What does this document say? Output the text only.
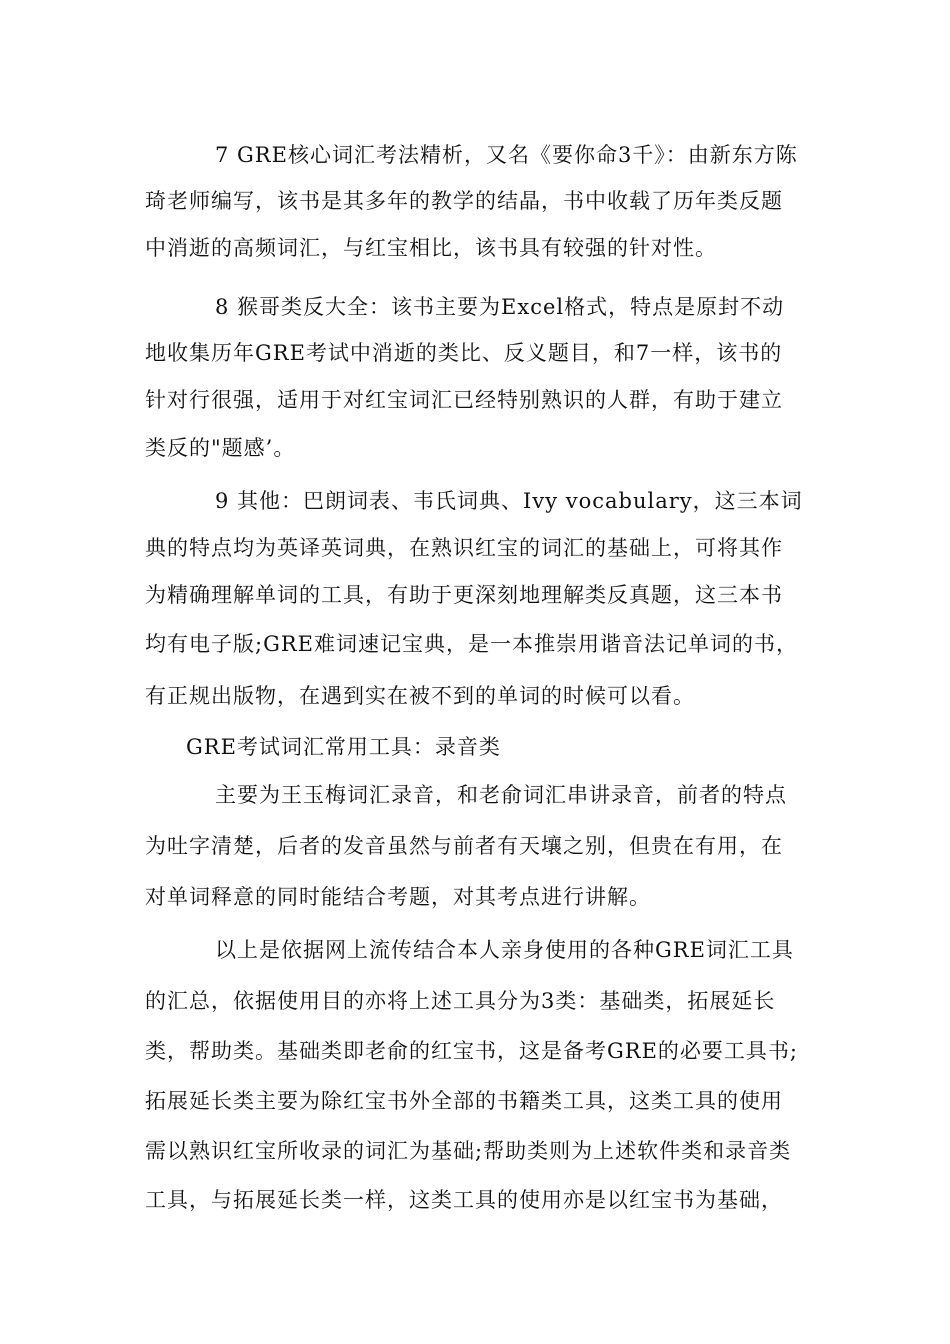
7 GRE核心词汇考法精析，又名《要你命3千》：由新东方陈
琦老师编写，该书是其多年的教学的结晶，书中收载了历年类反题
中消逝的高频词汇，与红宝相比，该书具有较强的针对性。
8 猴哥类反大全：该书主要为Excel格式，特点是原封不动
地收集历年GRE考试中消逝的类比、反义题目，和7一样，该书的
针对行很强，适用于对红宝词汇已经特别熟识的人群，有助于建立
类反的"题感’。
9 其他：巴朗词表、韦氏词典、Ivy vocabulary，这三本词
典的特点均为英译英词典，在熟识红宝的词汇的基础上，可将其作
为精确理解单词的工具，有助于更深刻地理解类反真题，这三本书
均有电子版;GRE难词速记宝典，是一本推崇用谐音法记单词的书，
有正规出版物，在遇到实在被不到的单词的时候可以看。
GRE考试词汇常用工具：录音类
主要为王玉梅词汇录音，和老俞词汇串讲录音，前者的特点
为吐字清楚，后者的发音虽然与前者有天壤之别，但贵在有用，在
对单词释意的同时能结合考题，对其考点进行讲解。
以上是依据网上流传结合本人亲身使用的各种GRE词汇工具
的汇总，依据使用目的亦将上述工具分为3类：基础类，拓展延长
类，帮助类。基础类即老俞的红宝书，这是备考GRE的必要工具书;
拓展延长类主要为除红宝书外全部的书籍类工具，这类工具的使用
需以熟识红宝所收录的词汇为基础;帮助类则为上述软件类和录音类
工具，与拓展延长类一样，这类工具的使用亦是以红宝书为基础，
